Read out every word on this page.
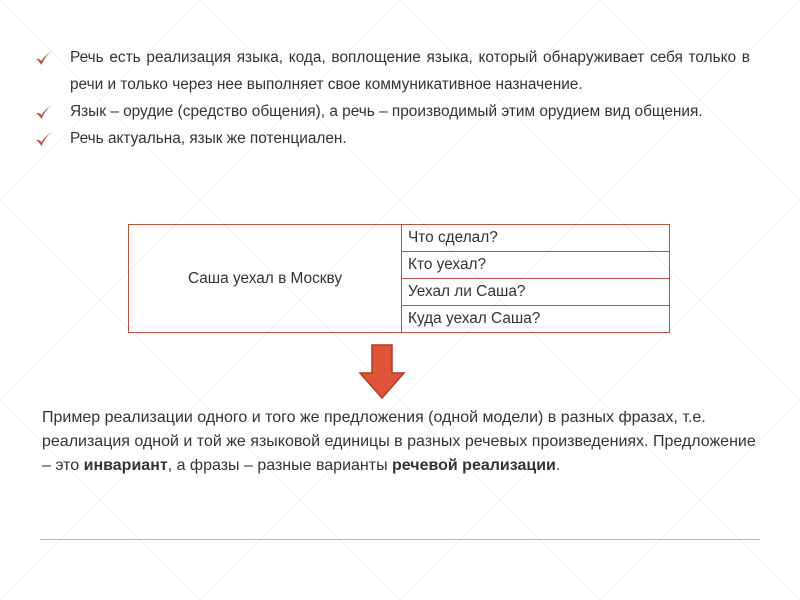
Речь есть реализация языка, кода, воплощение языка, который обнаруживает себя только в речи и только через нее выполняет свое коммуникативное назначение.
Язык – орудие (средство общения), а речь – производимый этим орудием вид общения.
Речь актуальна, язык же потенциален.
Саша уехал в Москву	Что сделал?
Кто уехал?
Уехал ли Саша?
Куда уехал Саша?

Пример реализации одного и того же предложения (одной модели) в разных фразах, т.е. реализация одной и той же языковой единицы в разных речевых произведениях. Предложение – это инвариант, а фразы – разные варианты речевой реализации.
